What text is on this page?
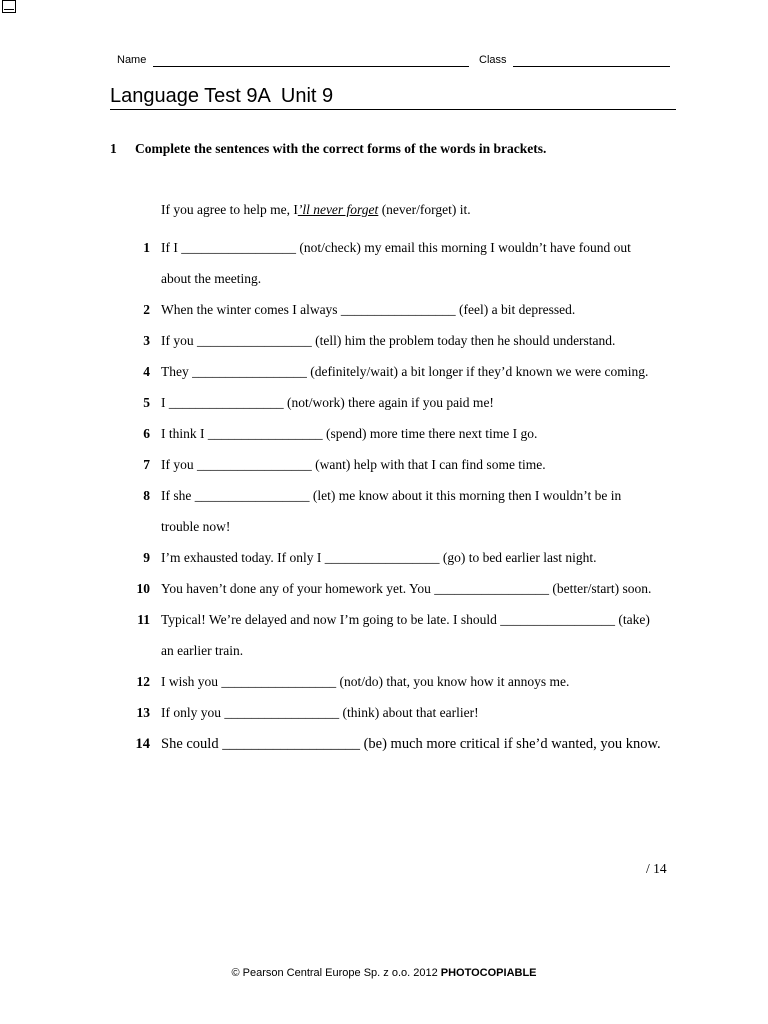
Name	Class
Language Test 9A  Unit 9
1 Complete the sentences with the correct forms of the words in brackets.
If you agree to help me, I’ll never forget (never/forget) it.
1 If I _________________ (not/check) my email this morning I wouldn’t have found out about the meeting.
2 When the winter comes I always _________________ (feel) a bit depressed.
3 If you _________________ (tell) him the problem today then he should understand.
4 They _________________ (definitely/wait) a bit longer if they’d known we were coming.
5 I _________________ (not/work) there again if you paid me!
6 I think I _________________ (spend) more time there next time I go.
7 If you _________________ (want) help with that I can find some time.
8 If she _________________ (let) me know about it this morning then I wouldn’t be in trouble now!
9 I’m exhausted today. If only I _________________ (go) to bed earlier last night.
10 You haven’t done any of your homework yet. You _________________ (better/start) soon.
11 Typical! We’re delayed and now I’m going to be late. I should _________________ (take) an earlier train.
12 I wish you _________________ (not/do) that, you know how it annoys me.
13 If only you _________________ (think) about that earlier!
14 She could ___________________ (be) much more critical if she’d wanted, you know.
/ 14
© Pearson Central Europe Sp. z o.o. 2012 PHOTOCOPIABLE
